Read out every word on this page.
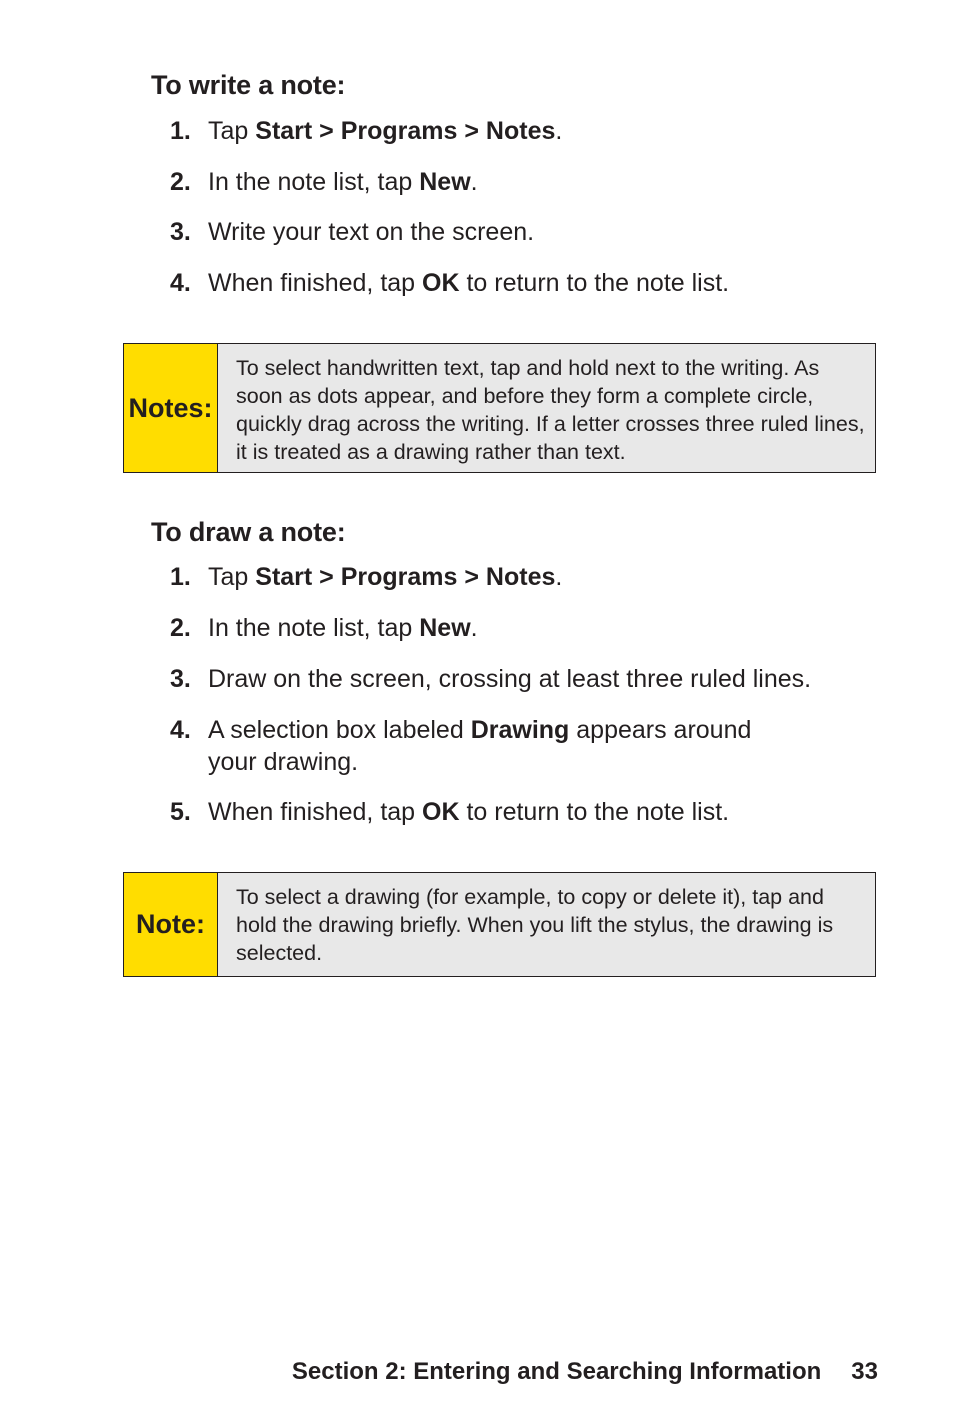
To write a note:
1. Tap Start > Programs > Notes.
2. In the note list, tap New.
3. Write your text on the screen.
4. When finished, tap OK to return to the note list.
Notes:
To select handwritten text, tap and hold next to the writing. As soon as dots appear, and before they form a complete circle, quickly drag across the writing. If a letter crosses three ruled lines, it is treated as a drawing rather than text.
To draw a note:
1. Tap Start > Programs > Notes.
2. In the note list, tap New.
3. Draw on the screen, crossing at least three ruled lines.
4. A selection box labeled Drawing appears around
your drawing.
5. When finished, tap OK to return to the note list.
Note:
To select a drawing (for example, to copy or delete it), tap and hold the drawing briefly. When you lift the stylus, the drawing is selected.
Section 2: Entering and Searching Information 33
